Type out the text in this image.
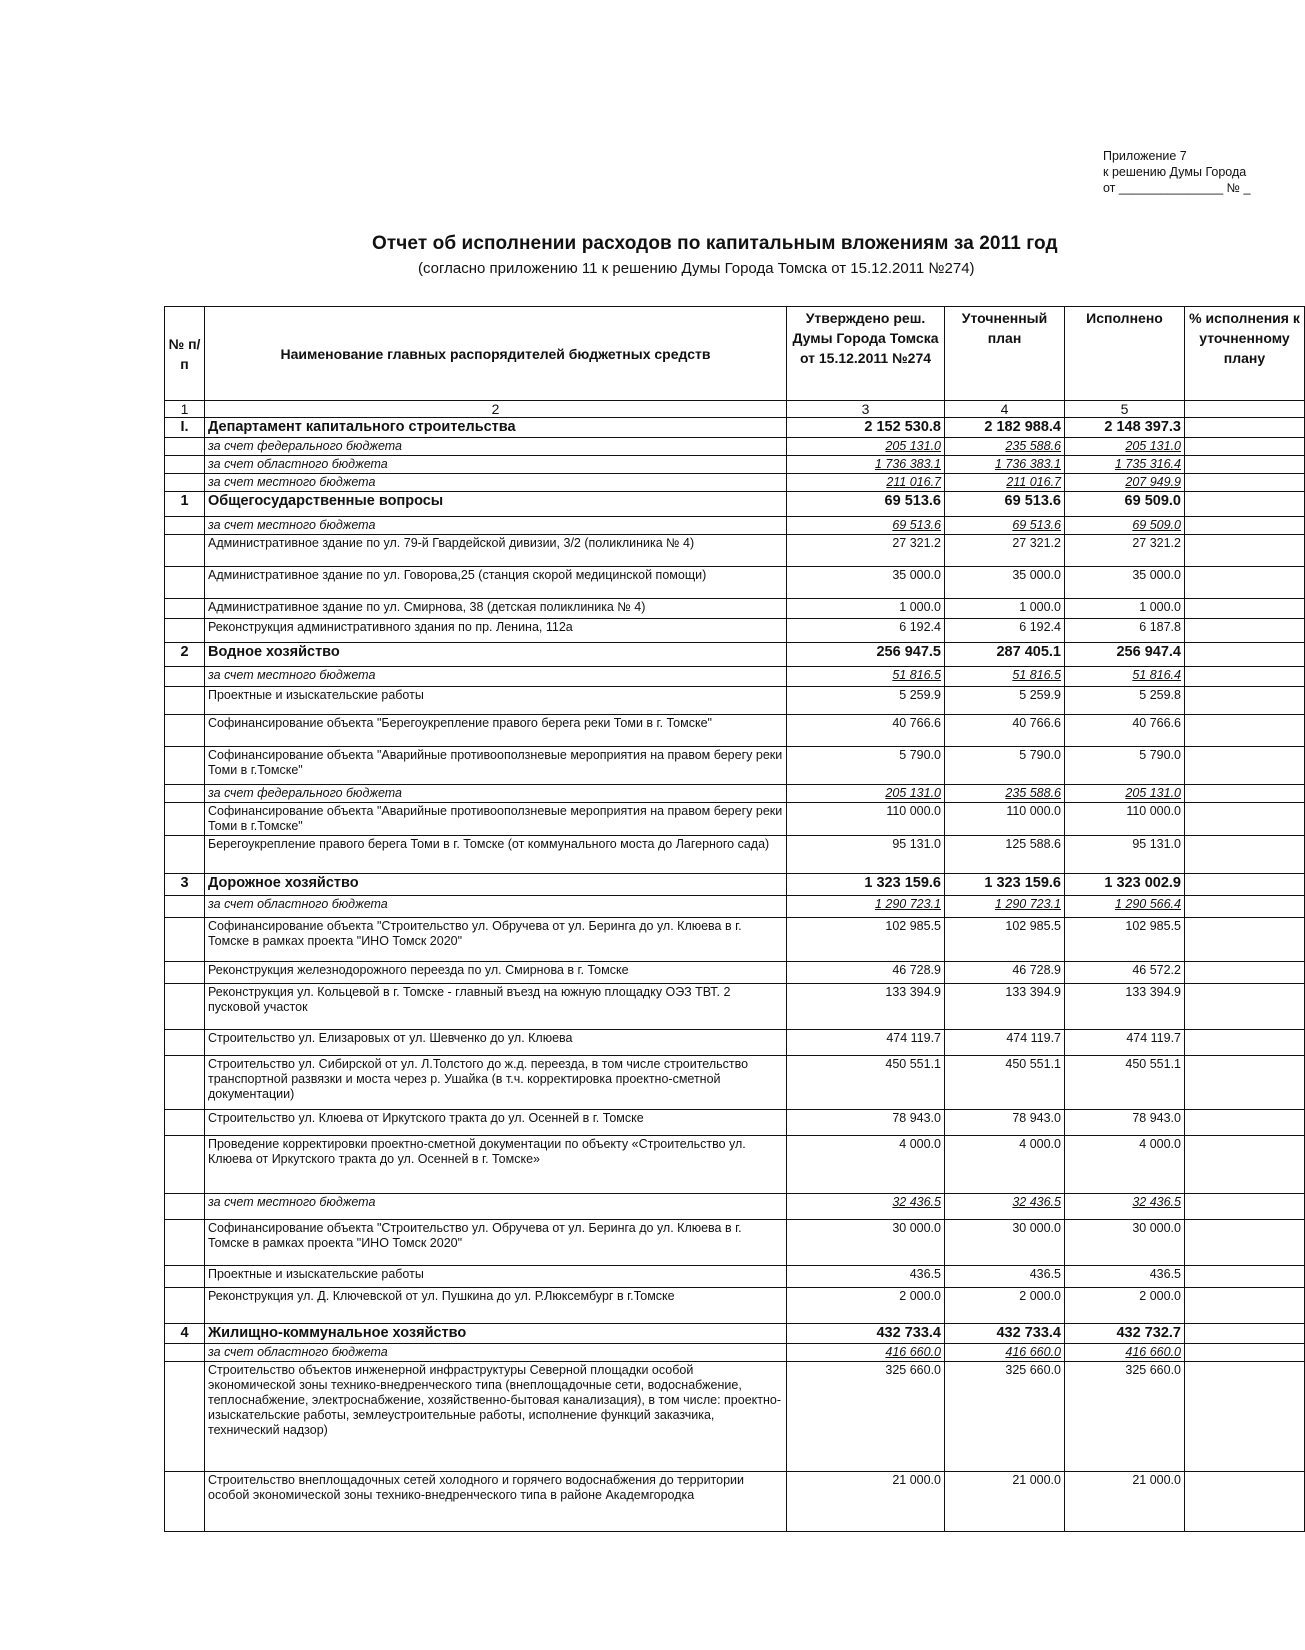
Приложение 7
к решению Думы Города
от _______________ № _
Отчет об исполнении расходов по капитальным вложениям за 2011 год
(согласно приложению 11 к решению Думы Города Томска от 15.12.2011 №274)
№ п/п	Наименование главных распорядителей бюджетных средств	Утверждено реш. Думы Города Томска от 15.12.2011 №274	Уточненный план	Исполнено	% исполнения к уточненному плану
1	2	3	4	5	
I.	Департамент капитального строительства	2 152 530.8	2 182 988.4	2 148 397.3	
	за счет федерального бюджета	205 131.0	235 588.6	205 131.0	
	за счет областного бюджета	1 736 383.1	1 736 383.1	1 735 316.4	
	за счет местного бюджета	211 016.7	211 016.7	207 949.9	
1	Общегосударственные вопросы	69 513.6	69 513.6	69 509.0	
	за счет местного бюджета	69 513.6	69 513.6	69 509.0	
	Административное здание по ул. 79-й Гвардейской дивизии, 3/2 (поликлиника № 4)	27 321.2	27 321.2	27 321.2	
	Административное здание по ул. Говорова,25 (станция скорой медицинской помощи)	35 000.0	35 000.0	35 000.0	
	Административное здание по ул. Смирнова, 38 (детская поликлиника № 4)	1 000.0	1 000.0	1 000.0	
	Реконструкция административного здания по пр. Ленина, 112а	6 192.4	6 192.4	6 187.8	
2	Водное хозяйство	256 947.5	287 405.1	256 947.4	
	за счет местного бюджета	51 816.5	51 816.5	51 816.4	
	Проектные и изыскательские работы	5 259.9	5 259.9	5 259.8	
	Софинансирование объекта "Берегоукрепление правого берега реки Томи в г. Томске"	40 766.6	40 766.6	40 766.6	
	Софинансирование объекта "Аварийные противооползневые мероприятия на правом берегу реки Томи в г.Томске"	5 790.0	5 790.0	5 790.0	
	за счет федерального бюджета	205 131.0	235 588.6	205 131.0	
	Софинансирование объекта "Аварийные противооползневые мероприятия на правом берегу реки Томи в г.Томске"	110 000.0	110 000.0	110 000.0	
	Берегоукрепление правого берега Томи в г. Томске (от коммунального моста до Лагерного сада)	95 131.0	125 588.6	95 131.0	
3	Дорожное хозяйство	1 323 159.6	1 323 159.6	1 323 002.9	
	за счет областного бюджета	1 290 723.1	1 290 723.1	1 290 566.4	
	Софинансирование объекта "Строительство ул. Обручева от ул. Беринга до ул. Клюева в г. Томске в рамках проекта "ИНО Томск 2020"	102 985.5	102 985.5	102 985.5	
	Реконструкция железнодорожного переезда по ул. Смирнова в г. Томске	46 728.9	46 728.9	46 572.2	
	Реконструкция ул. Кольцевой в г. Томске - главный въезд на южную площадку ОЭЗ ТВТ. 2 пусковой участок	133 394.9	133 394.9	133 394.9	
	Строительство ул. Елизаровых от ул. Шевченко до ул. Клюева	474 119.7	474 119.7	474 119.7	
	Строительство ул. Сибирской от ул. Л.Толстого до ж.д. переезда, в том числе строительство транспортной развязки и моста через р. Ушайка (в т.ч. корректировка проектно-сметной документации)	450 551.1	450 551.1	450 551.1	
	Строительство ул. Клюева от Иркутского тракта до ул. Осенней в г. Томске	78 943.0	78 943.0	78 943.0	
	Проведение корректировки проектно-сметной документации по объекту «Строительство ул. Клюева от Иркутского тракта до ул. Осенней в г. Томске»	4 000.0	4 000.0	4 000.0	
	за счет местного бюджета	32 436.5	32 436.5	32 436.5	
	Софинансирование объекта "Строительство ул. Обручева от ул. Беринга до ул. Клюева в г. Томске в рамках проекта "ИНО Томск 2020"	30 000.0	30 000.0	30 000.0	
	Проектные и изыскательские работы	436.5	436.5	436.5	
	Реконструкция ул. Д. Ключевской от ул. Пушкина до ул. Р.Люксембург в г.Томске	2 000.0	2 000.0	2 000.0	
4	Жилищно-коммунальное хозяйство	432 733.4	432 733.4	432 732.7	
	за счет областного бюджета	416 660.0	416 660.0	416 660.0	
	Строительство объектов инженерной инфраструктуры Северной площадки особой экономической зоны технико-внедренческого типа (внеплощадочные сети, водоснабжение, теплоснабжение, электроснабжение, хозяйственно-бытовая канализация), в том числе: проектно-изыскательские работы, землеустроительные работы, исполнение функций заказчика, технический надзор)	325 660.0	325 660.0	325 660.0	
	Строительство внеплощадочных сетей холодного и горячего водоснабжения до территории особой экономической зоны технико-внедренческого типа в районе Академгородка	21 000.0	21 000.0	21 000.0	
